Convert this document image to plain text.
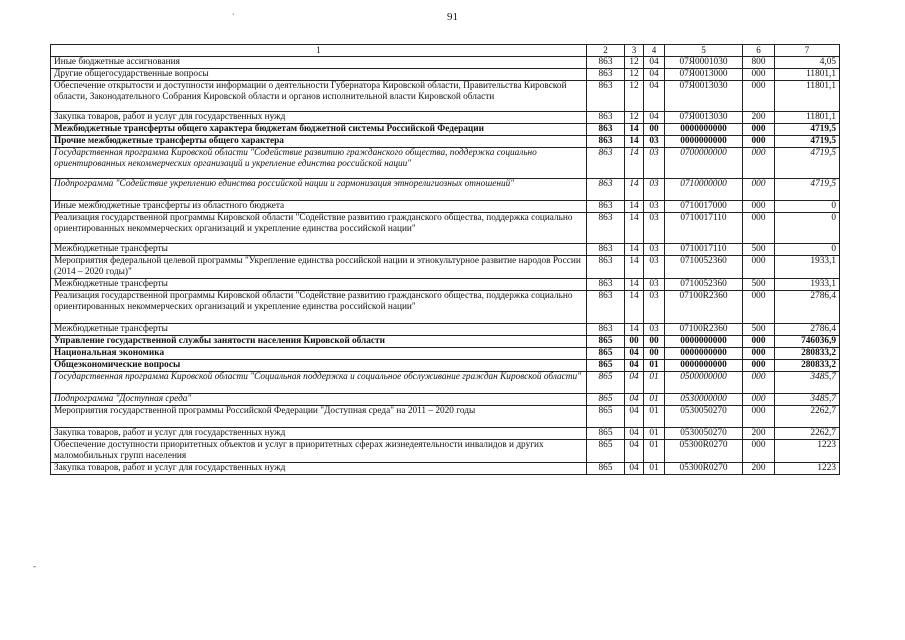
91
1	2	3	4	5	6	7
Иные бюджетные ассигнования	863	12	04	07Я0001030	800	4,05
Другие общегосударственные вопросы	863	12	04	07Я0013000	000	11801,1
Обеспечение открытости и доступности информации о деятельности Губернатора Кировской области, Правительства Кировской области, Законодательного Собрания Кировской области и органов исполнительной власти Кировской области	863	12	04	07Я0013030	000	11801,1
Закупка товаров, работ и услуг для государственных нужд	863	12	04	07Я0013030	200	11801,1
Межбюджетные трансферты общего характера бюджетам бюджетной системы Российской Федерации	863	14	00	0000000000	000	4719,5
Прочие межбюджетные трансферты общего характера	863	14	03	0000000000	000	4719,5
Государственная программа Кировской области "Содействие развитию гражданского общества, поддержка социально ориентированных некоммерческих организаций и укрепление единства российской нации"	863	14	03	0700000000	000	4719,5
Подпрограмма "Содействие укреплению единства российской нации и гармонизация этнорелигиозных отношений"	863	14	03	0710000000	000	4719,5
Иные межбюджетные трансферты из областного бюджета	863	14	03	0710017000	000	0
Реализация государственной программы Кировской области "Содействие развитию гражданского общества, поддержка социально ориентированных некоммерческих организаций и укрепление единства российской нации"	863	14	03	0710017110	000	0
Межбюджетные трансферты	863	14	03	0710017110	500	0
Мероприятия федеральной целевой программы "Укрепление единства российской нации и этнокультурное развитие народов России (2014 – 2020 годы)"	863	14	03	0710052360	000	1933,1
Межбюджетные трансферты	863	14	03	0710052360	500	1933,1
Реализация государственной программы Кировской области "Содействие развитию гражданского общества, поддержка социально ориентированных некоммерческих организаций и укрепление единства российской нации"	863	14	03	07100R2360	000	2786,4
Межбюджетные трансферты	863	14	03	07100R2360	500	2786,4
Управление государственной службы занятости населения Кировской области	865	00	00	0000000000	000	746036,9
Национальная экономика	865	04	00	0000000000	000	280833,2
Общеэкономические вопросы	865	04	01	0000000000	000	280833,2
Государственная программа Кировской области "Социальная поддержка и социальное обслуживание граждан Кировской области"	865	04	01	0500000000	000	3485,7
Подпрограмма "Доступная среда"	865	04	01	0530000000	000	3485,7
Мероприятия государственной программы Российской Федерации "Доступная среда" на 2011 – 2020 годы	865	04	01	0530050270	000	2262,7
Закупка товаров, работ и услуг для государственных нужд	865	04	01	0530050270	200	2262,7
Обеспечение доступности приоритетных объектов и услуг в приоритетных сферах жизнедеятельности инвалидов и других маломобильных групп населения	865	04	01	05300R0270	000	1223
Закупка товаров, работ и услуг для государственных нужд	865	04	01	05300R0270	200	1223
`
-
